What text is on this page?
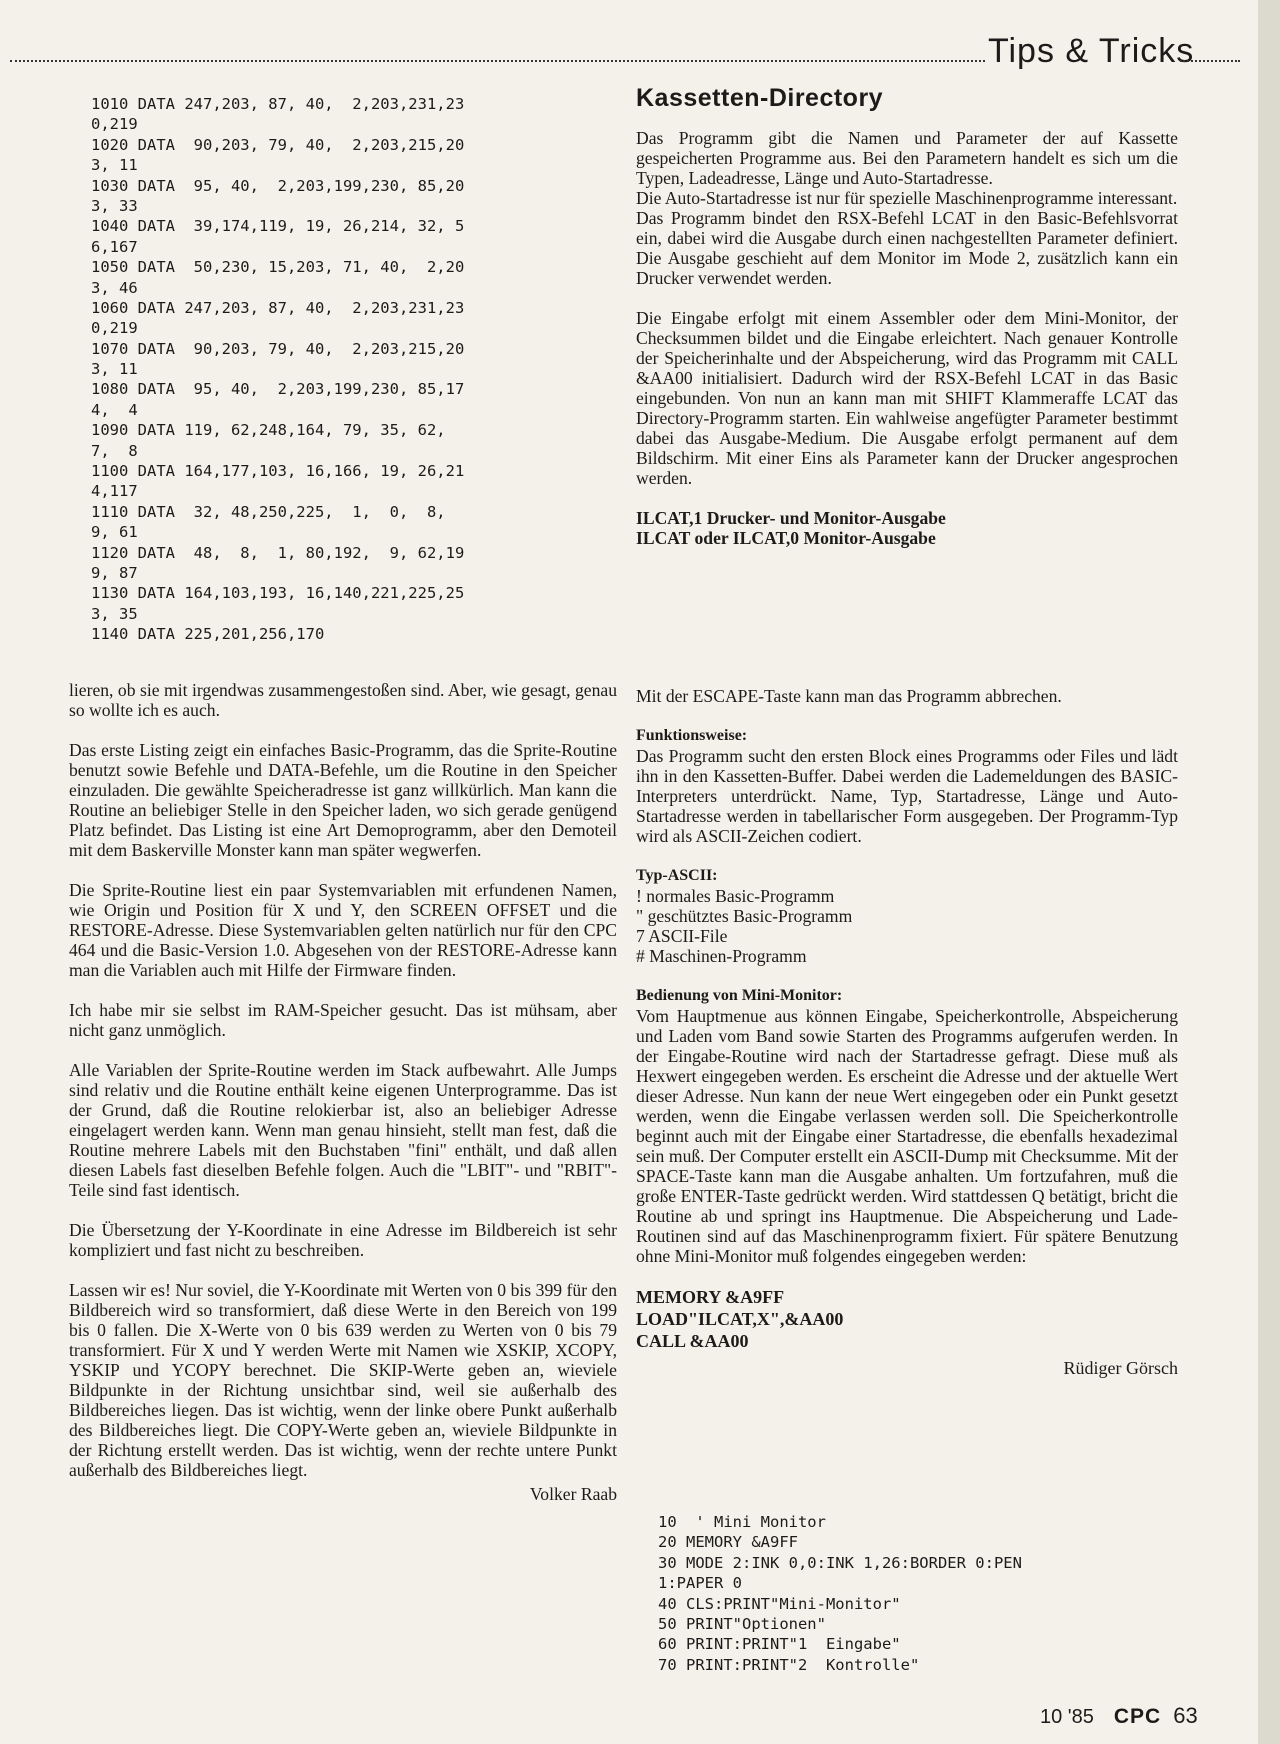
Tips & Tricks
1010 DATA 247,203, 87, 40,  2,203,231,23
0,219
1020 DATA  90,203, 79, 40,  2,203,215,20
3, 11
1030 DATA  95, 40,  2,203,199,230, 85,20
3, 33
1040 DATA  39,174,119, 19, 26,214, 32, 5
6,167
1050 DATA  50,230, 15,203, 71, 40,  2,20
3, 46
1060 DATA 247,203, 87, 40,  2,203,231,23
0,219
1070 DATA  90,203, 79, 40,  2,203,215,20
3, 11
1080 DATA  95, 40,  2,203,199,230, 85,17
4,  4
1090 DATA 119, 62,248,164, 79, 35, 62,
7,  8
1100 DATA 164,177,103, 16,166, 19, 26,21
4,117
1110 DATA  32, 48,250,225,  1,  0,  8,
9, 61
1120 DATA  48,  8,  1, 80,192,  9, 62,19
9, 87
1130 DATA 164,103,193, 16,140,221,225,25
3, 35
1140 DATA 225,201,256,170

lieren, ob sie mit irgendwas zusammengestoßen sind. Aber, wie gesagt, genau so wollte ich es auch.

Das erste Listing zeigt ein einfaches Basic-Programm, das die Sprite-Routine benutzt sowie Befehle und DATA-Befehle, um die Routine in den Speicher einzuladen. Die gewählte Speicheradresse ist ganz willkürlich. Man kann die Routine an beliebiger Stelle in den Speicher laden, wo sich gerade genügend Platz befindet. Das Listing ist eine Art Demoprogramm, aber den Demoteil mit dem Baskerville Monster kann man später wegwerfen.

Die Sprite-Routine liest ein paar Systemvariablen mit erfundenen Namen, wie Origin und Position für X und Y, den SCREEN OFFSET und die RESTORE-Adresse. Diese Systemvariablen gelten natürlich nur für den CPC 464 und die Basic-Version 1.0. Abgesehen von der RESTORE-Adresse kann man die Variablen auch mit Hilfe der Firmware finden.

Ich habe mir sie selbst im RAM-Speicher gesucht. Das ist mühsam, aber nicht ganz unmöglich.

Alle Variablen der Sprite-Routine werden im Stack aufbewahrt. Alle Jumps sind relativ und die Routine enthält keine eigenen Unterprogramme. Das ist der Grund, daß die Routine relokierbar ist, also an beliebiger Adresse eingelagert werden kann. Wenn man genau hinsieht, stellt man fest, daß die Routine mehrere Labels mit den Buchstaben "fini" enthält, und daß allen diesen Labels fast dieselben Befehle folgen. Auch die "LBIT"- und "RBIT"-Teile sind fast identisch.

Die Übersetzung der Y-Koordinate in eine Adresse im Bildbereich ist sehr kompliziert und fast nicht zu beschreiben.

Lassen wir es! Nur soviel, die Y-Koordinate mit Werten von 0 bis 399 für den Bildbereich wird so transformiert, daß diese Werte in den Bereich von 199 bis 0 fallen. Die X-Werte von 0 bis 639 werden zu Werten von 0 bis 79 transformiert. Für X und Y werden Werte mit Namen wie XSKIP, XCOPY, YSKIP und YCOPY berechnet. Die SKIP-Werte geben an, wieviele Bildpunkte in der Richtung unsichtbar sind, weil sie außerhalb des Bildbereiches liegen. Das ist wichtig, wenn der linke obere Punkt außerhalb des Bildbereiches liegt. Die COPY-Werte geben an, wieviele Bildpunkte in der Richtung erstellt werden. Das ist wichtig, wenn der rechte untere Punkt außerhalb des Bildbereiches liegt.

Volker Raab

Kassetten-Directory

Das Programm gibt die Namen und Parameter der auf Kassette gespeicherten Programme aus. Bei den Parametern handelt es sich um die Typen, Ladeadresse, Länge und Auto-Startadresse.

Die Auto-Startadresse ist nur für spezielle Maschinenprogramme interessant.

Das Programm bindet den RSX-Befehl LCAT in den Basic-Befehlsvorrat ein, dabei wird die Ausgabe durch einen nachgestellten Parameter definiert. Die Ausgabe geschieht auf dem Monitor im Mode 2, zusätzlich kann ein Drucker verwendet werden.

Die Eingabe erfolgt mit einem Assembler oder dem Mini-Monitor, der Checksummen bildet und die Eingabe erleichtert. Nach genauer Kontrolle der Speicherinhalte und der Abspeicherung, wird das Programm mit CALL &AA00 initialisiert. Dadurch wird der RSX-Befehl LCAT in das Basic eingebunden. Von nun an kann man mit SHIFT Klammeraffe LCAT das Directory-Programm starten. Ein wahlweise angefügter Parameter bestimmt dabei das Ausgabe-Medium. Die Ausgabe erfolgt permanent auf dem Bildschirm. Mit einer Eins als Parameter kann der Drucker angesprochen werden.

ILCAT,1 Drucker- und Monitor-Ausgabe

ILCAT oder ILCAT,0 Monitor-Ausgabe

Mit der ESCAPE-Taste kann man das Programm abbrechen.

Funktionsweise:

Das Programm sucht den ersten Block eines Programms oder Files und lädt ihn in den Kassetten-Buffer. Dabei werden die Lademeldungen des BASIC-Interpreters unterdrückt. Name, Typ, Startadresse, Länge und Auto-Startadresse werden in tabellarischer Form ausgegeben. Der Programm-Typ wird als ASCII-Zeichen codiert.

Typ-ASCII:

! normales Basic-Programm

" geschütztes Basic-Programm

7 ASCII-File

# Maschinen-Programm

Bedienung von Mini-Monitor:

Vom Hauptmenue aus können Eingabe, Speicherkontrolle, Abspeicherung und Laden vom Band sowie Starten des Programms aufgerufen werden. In der Eingabe-Routine wird nach der Startadresse gefragt. Diese muß als Hexwert eingegeben werden. Es erscheint die Adresse und der aktuelle Wert dieser Adresse. Nun kann der neue Wert eingegeben oder ein Punkt gesetzt werden, wenn die Eingabe verlassen werden soll. Die Speicherkontrolle beginnt auch mit der Eingabe einer Startadresse, die ebenfalls hexadezimal sein muß. Der Computer erstellt ein ASCII-Dump mit Checksumme. Mit der SPACE-Taste kann man die Ausgabe anhalten. Um fortzufahren, muß die große ENTER-Taste gedrückt werden. Wird stattdessen Q betätigt, bricht die Routine ab und springt ins Hauptmenue. Die Abspeicherung und Lade-Routinen sind auf das Maschinenprogramm fixiert. Für spätere Benutzung ohne Mini-Monitor muß folgendes eingegeben werden:

MEMORY &A9FF

LOAD"ILCAT,X",&AA00

CALL &AA00

Rüdiger Görsch

10  ' Mini Monitor
20 MEMORY &A9FF
30 MODE 2:INK 0,0:INK 1,26:BORDER 0:PEN
1:PAPER 0
40 CLS:PRINT"Mini-Monitor"
50 PRINT"Optionen"
60 PRINT:PRINT"1  Eingabe"
70 PRINT:PRINT"2  Kontrolle"
10 '85 CPC 63
